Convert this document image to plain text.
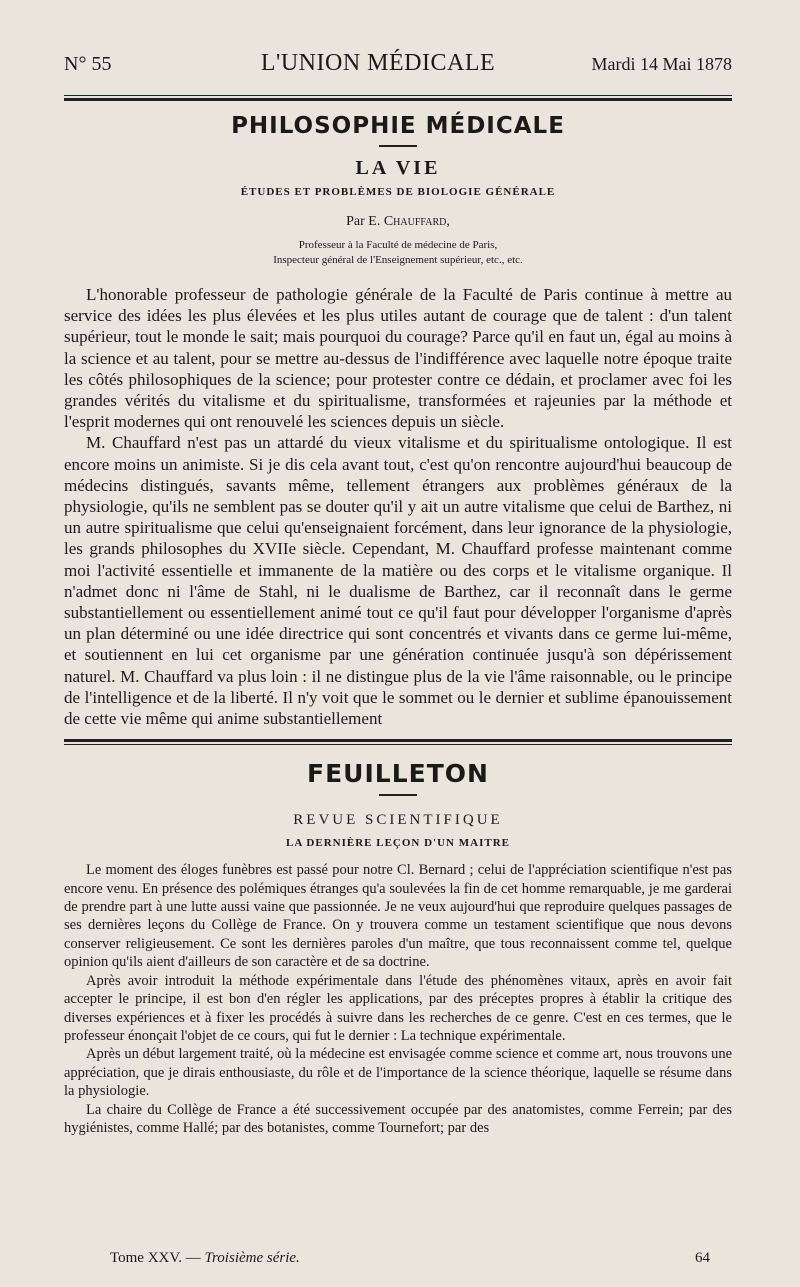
N° 55	L'UNION MÉDICALE	Mardi 14 Mai 1878
PHILOSOPHIE MÉDICALE
LA VIE
ÉTUDES ET PROBLÈMES DE BIOLOGIE GÉNÉRALE
Par E. Chauffard,
Professeur à la Faculté de médecine de Paris,
Inspecteur général de l'Enseignement supérieur, etc., etc.

L'honorable professeur de pathologie générale de la Faculté de Paris continue à mettre au service des idées les plus élevées et les plus utiles autant de courage que de talent : d'un talent supérieur, tout le monde le sait; mais pourquoi du courage? Parce qu'il en faut un, égal au moins à la science et au talent, pour se mettre au-dessus de l'indifférence avec laquelle notre époque traite les côtés philosophiques de la science; pour protester contre ce dédain, et proclamer avec foi les grandes vérités du vitalisme et du spiritualisme, transformées et rajeunies par la méthode et l'esprit modernes qui ont renouvelé les sciences depuis un siècle.

M. Chauffard n'est pas un attardé du vieux vitalisme et du spiritualisme ontologique. Il est encore moins un animiste. Si je dis cela avant tout, c'est qu'on rencontre aujourd'hui beaucoup de médecins distingués, savants même, tellement étrangers aux problèmes généraux de la physiologie, qu'ils ne semblent pas se douter qu'il y ait un autre vitalisme que celui de Barthez, ni un autre spiritualisme que celui qu'enseignaient forcément, dans leur ignorance de la physiologie, les grands philosophes du XVIIe siècle. Cependant, M. Chauffard professe maintenant comme moi l'activité essentielle et immanente de la matière ou des corps et le vitalisme organique. Il n'admet donc ni l'âme de Stahl, ni le dualisme de Barthez, car il reconnaît dans le germe substantiellement ou essentiellement animé tout ce qu'il faut pour développer l'organisme d'après un plan déterminé ou une idée directrice qui sont concentrés et vivants dans ce germe lui-même, et soutiennent en lui cet organisme par une génération continuée jusqu'à son dépérissement naturel. M. Chauffard va plus loin : il ne distingue plus de la vie l'âme raisonnable, ou le principe de l'intelligence et de la liberté. Il n'y voit que le sommet ou le dernier et sublime épanouissement de cette vie même qui anime substantiellement

FEUILLETON
REVUE SCIENTIFIQUE
LA DERNIÈRE LEÇON D'UN MAITRE

Le moment des éloges funèbres est passé pour notre Cl. Bernard ; celui de l'appréciation scientifique n'est pas encore venu. En présence des polémiques étranges qu'a soulevées la fin de cet homme remarquable, je me garderai de prendre part à une lutte aussi vaine que passionnée. Je ne veux aujourd'hui que reproduire quelques passages de ses dernières leçons du Collège de France. On y trouvera comme un testament scientifique que nous devons conserver religieusement. Ce sont les dernières paroles d'un maître, que tous reconnaissent comme tel, quelque opinion qu'ils aient d'ailleurs de son caractère et de sa doctrine.

Après avoir introduit la méthode expérimentale dans l'étude des phénomènes vitaux, après en avoir fait accepter le principe, il est bon d'en régler les applications, par des préceptes propres à établir la critique des diverses expériences et à fixer les procédés à suivre dans les recherches de ce genre. C'est en ces termes, que le professeur énonçait l'objet de ce cours, qui fut le dernier : La technique expérimentale.

Après un début largement traité, où la médecine est envisagée comme science et comme art, nous trouvons une appréciation, que je dirais enthousiaste, du rôle et de l'importance de la science théorique, laquelle se résume dans la physiologie.

La chaire du Collège de France a été successivement occupée par des anatomistes, comme Ferrein; par des hygiénistes, comme Hallé; par des botanistes, comme Tournefort; par des

Tome XXV. — Troisième série.	64
